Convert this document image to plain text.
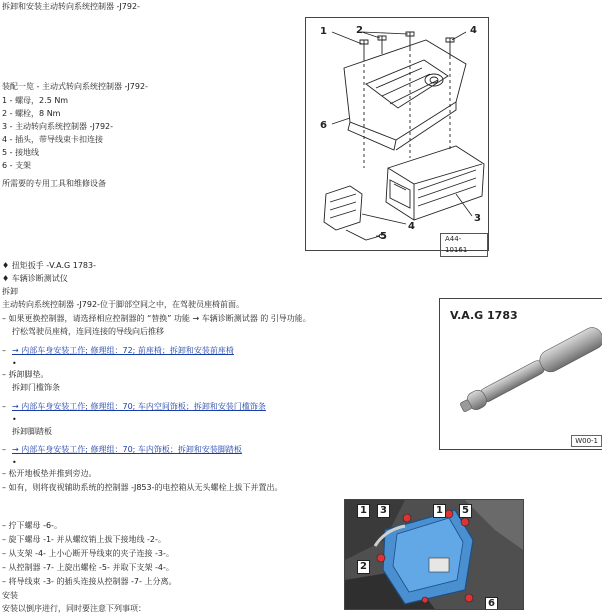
拆卸和安装主动转向系统控制器 -J792-
装配一览 - 主动式转向系统控制器 -J792-
1 - 螺母，2.5 Nm
2 - 螺栓，8 Nm
3 - 主动转向系统控制器 -J792-
4 - 插头，带导线束卡扣连接
5 - 接地线
6 - 支架
所需要的专用工具和维修设备
1	2	4
6
3
4
5	A44-10161
♦ 扭矩扳手 -V.A.G 1783-
♦ 车辆诊断测试仪
拆卸
主动转向系统控制器 -J792-位于脚部空间之中，在驾驶员座椅前面。
– 如果更换控制器，请选择相应控制器的 “替换” 功能 → 车辆诊断测试器 的 引导功能。
拧松驾驶员座椅，连同连接的导线向后推移
– → 内部车身安装工作; 修理组：72; 前座椅；拆卸和安装前座椅
•
– 拆卸脚垫。
拆卸门槛饰条
– → 内部车身安装工作; 修理组：70; 车内空间饰板；拆卸和安装门槛饰条
•
拆卸脚踏板
– → 内部车身安装工作; 修理组：70; 车内饰板；拆卸和安装脚踏板
•
– 松开地板垫并推到旁边。
– 如有，则将夜视辅助系统的控制器 -J853-的电控箱从无头螺栓上拔下并置出。
– 拧下螺母 -6-。
– 旋下螺母 -1- 并从螺纹销上拔下接地线 -2-。
– 从支架 -4- 上小心断开导线束的夹子连接 -3-。
– 从控制器 -7- 上旋出螺栓 -5- 并取下支架 -4-。
– 将导线束 -3- 的插头连接从控制器 -7- 上分离。
安装
安装以倒序进行，同时要注意下列事项：
V.A.G 1783
W00-1
1	3	1	5
2
6
